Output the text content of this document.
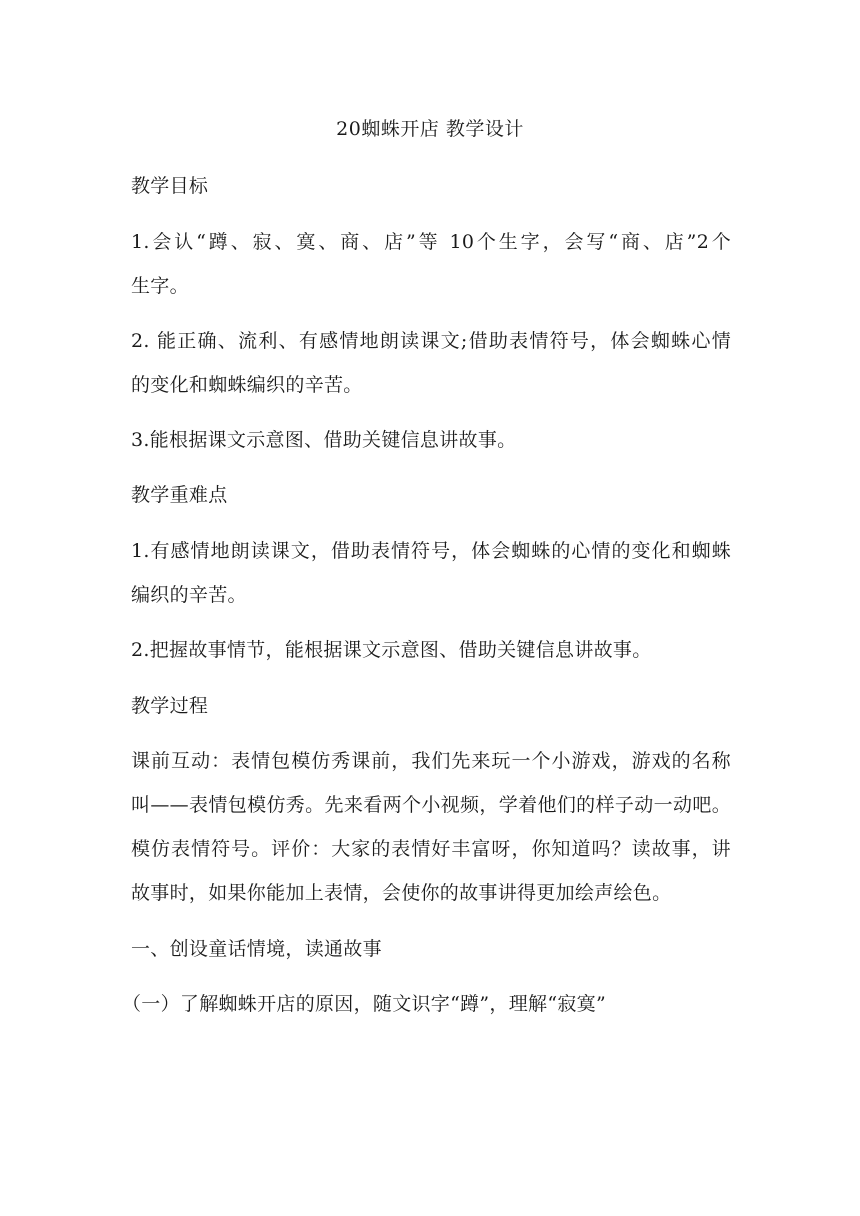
20蜘蛛开店 教学设计
教学目标
1.会认“蹲、寂、寞、商、店”等 10个生字，会写“商、店”2个
生字。
2. 能正确、流利、有感情地朗读课文;借助表情符号，体会蜘蛛心情
的变化和蜘蛛编织的辛苦。
3.能根据课文示意图、借助关键信息讲故事。
教学重难点
1.有感情地朗读课文，借助表情符号，体会蜘蛛的心情的变化和蜘蛛
编织的辛苦。
2.把握故事情节，能根据课文示意图、借助关键信息讲故事。
教学过程
课前互动：表情包模仿秀课前，我们先来玩一个小游戏，游戏的名称
叫——表情包模仿秀。先来看两个小视频，学着他们的样子动一动吧。
模仿表情符号。评价：大家的表情好丰富呀，你知道吗？读故事，讲
故事时，如果你能加上表情，会使你的故事讲得更加绘声绘色。
一、创设童话情境，读通故事
（一）了解蜘蛛开店的原因，随文识字“蹲”，理解“寂寞”
